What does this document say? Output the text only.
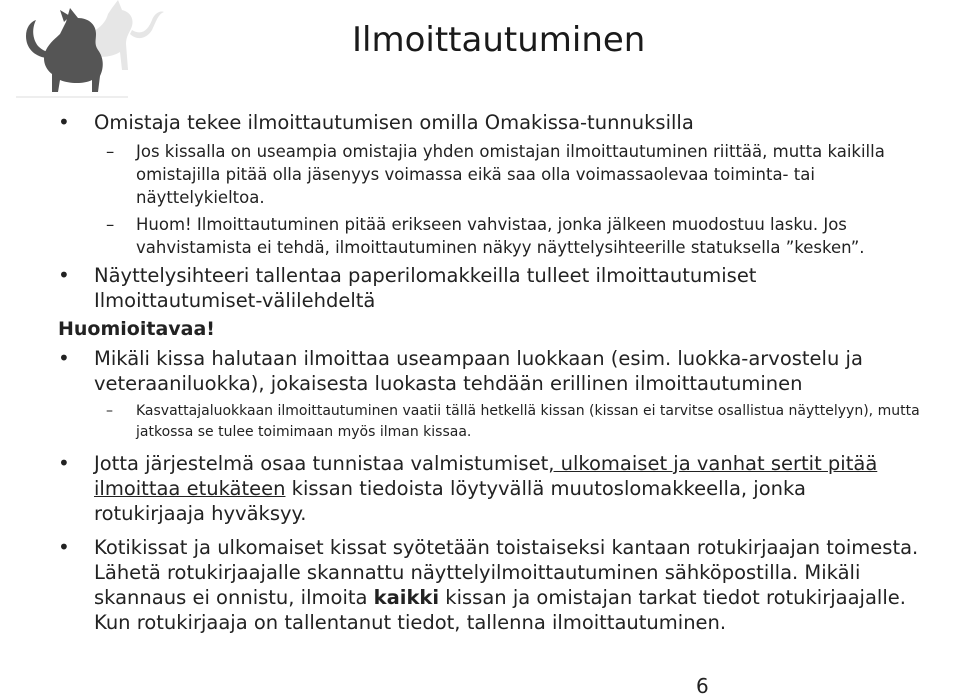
Ilmoittautuminen
• Omistaja tekee ilmoittautumisen omilla Omakissa-tunnuksilla
– Jos kissalla on useampia omistajia yhden omistajan ilmoittautuminen riittää, mutta kaikilla omistajilla pitää olla jäsenyys voimassa eikä saa olla voimassaolevaa toiminta- tai näyttelykieltoa.
– Huom! Ilmoittautuminen pitää erikseen vahvistaa, jonka jälkeen muodostuu lasku. Jos vahvistamista ei tehdä, ilmoittautuminen näkyy näyttelysihteerille statuksella ”kesken”.
• Näyttelysihteeri tallentaa paperilomakkeilla tulleet ilmoittautumiset Ilmoittautumiset-välilehdeltä
Huomioitavaa!
• Mikäli kissa halutaan ilmoittaa useampaan luokkaan (esim. luokka-arvostelu ja veteraaniluokka), jokaisesta luokasta tehdään erillinen ilmoittautuminen
– Kasvattajaluokkaan ilmoittautuminen vaatii tällä hetkellä kissan (kissan ei tarvitse osallistua näyttelyyn), mutta jatkossa se tulee toimimaan myös ilman kissaa.
• Jotta järjestelmä osaa tunnistaa valmistumiset, ulkomaiset ja vanhat sertit pitää ilmoittaa etukäteen kissan tiedoista löytyvällä muutoslomakkeella, jonka rotukirjaaja hyväksyy.
• Kotikissat ja ulkomaiset kissat syötetään toistaiseksi kantaan rotukirjaajan toimesta. Lähetä rotukirjaajalle skannattu näyttelyilmoittautuminen sähköpostilla. Mikäli skannaus ei onnistu, ilmoita kaikki kissan ja omistajan tarkat tiedot rotukirjaajalle. Kun rotukirjaaja on tallentanut tiedot, tallenna ilmoittautuminen.
6
